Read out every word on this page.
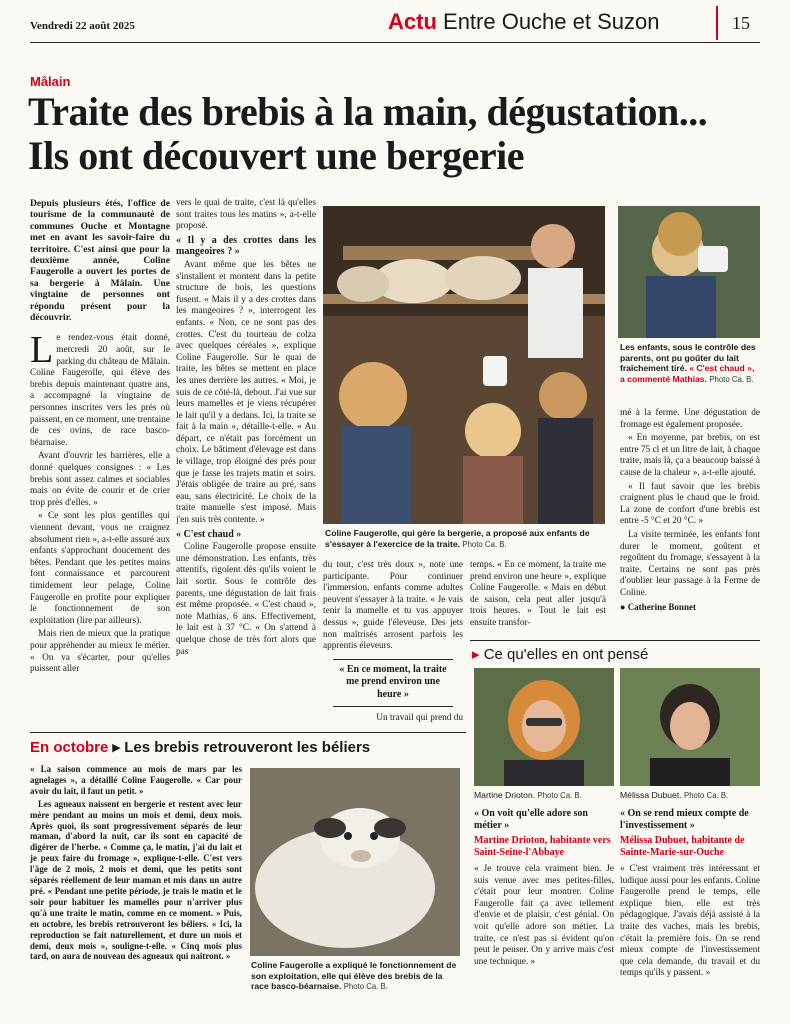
Vendredi 22 août 2025	Actu Entre Ouche et Suzon	15
Mâlain
Traite des brebis à la main, dégustation...
Ils ont découvert une bergerie
Depuis plusieurs étés, l'office de tourisme de la communauté de communes Ouche et Montagne met en avant les savoir-faire du territoire. C'est ainsi que pour la deuxième année, Coline Faugerolle a ouvert les portes de sa bergerie à Mâlain. Une vingtaine de personnes ont répondu présent pour la découvrir.

Le rendez-vous était donné, mercredi 20 août, sur le parking du château de Mâlain. Coline Faugerolle, qui élève des brebis depuis maintenant quatre ans, a accompagné la vingtaine de personnes inscrites vers les prés où paissent, en ce moment, une trentaine de ces ovins, de race basco-béarnaise.

Avant d'ouvrir les barrières, elle a donné quelques consignes : « Les brebis sont assez calmes et sociables mais on évite de courir et de crier trop près d'elles. »

« Ce sont les plus gentilles qui viennent devant, vous ne craignez absolument rien », a-t-elle assuré aux enfants s'approchant doucement des bêtes. Pendant que les petites mains font connaissance et parcourent timidement leur pelage, Coline Faugerolle en profite pour expliquer le fonctionnement de son exploitation (lire par ailleurs).

Mais rien de mieux que la pratique pour appréhender au mieux le métier. « On va s'écarter, pour qu'elles puissent aller

vers le quai de traite, c'est là qu'elles sont traites tous les matins », a-t-elle proposé.

« Il y a des crottes dans les mangeoires ? »

Avant même que les bêtes ne s'installent et montent dans la petite structure de bois, les questions fusent. « Mais il y a des crottes dans les mangeoires ? », interrogent les enfants. « Non, ce ne sont pas des crottes. C'est du tourteau de colza avec quelques céréales », explique Coline Faugerolle. Sur le quai de traite, les bêtes se mettent en place les unes derrière les autres. « Moi, je suis de ce côté-là, debout. J'ai vue sur leurs mamelles et je viens récupérer le lait qu'il y a dedans. Ici, la traite se fait à la main », détaille-t-elle. « Au départ, ce n'était pas forcément un choix. Le bâtiment d'élevage est dans le village, trop éloigné des prés pour que je fasse les trajets matin et soirs. J'étais obligée de traire au pré, sans eau, sans électricité. Le choix de la traite manuelle s'est imposé. Mais j'en suis très contente. »

« C'est chaud »

Coline Faugerolle propose ensuite une démonstration. Les enfants, très attentifs, rigolent dès qu'ils voient le lait sortir. Sous le contrôle des parents, une dégustation de lait frais est même proposée. « C'est chaud », note Mathias, 6 ans. Effectivement, le lait est à 37 °C. « On s'attend à quelque chose de très fort alors que pas

Coline Faugerolle, qui gère la bergerie, a proposé aux enfants de s'essayer à l'exercice de la traite. Photo Ca. B.

du tout, c'est très doux », note une participante. Pour continuer l'immersion, enfants comme adultes peuvent s'essayer à la traite. « Je vais tenir la mamelle et tu vas appuyer dessus », guide l'éleveuse. Des jets non maîtrisés arrosent parfois les apprentis éleveurs.

« En ce moment, la traite me prend environ une heure »

Un travail qui prend du

temps. « En ce moment, la traite me prend environ une heure », explique Coline Faugerolle. « Mais en début de saison, cela peut aller jusqu'à trois heures. » Tout le lait est ensuite transfor-

Les enfants, sous le contrôle des parents, ont pu goûter du lait fraîchement tiré. « C'est chaud », a commenté Mathias. Photo Ca. B.

mé à la ferme. Une dégustation de fromage est également proposée.

« En moyenne, par brebis, on est entre 75 cl et un litre de lait, à chaque traite, mais là, ça a beaucoup baissé à cause de la chaleur », a-t-elle ajouté.

« Il faut savoir que les brebis craignent plus le chaud que le froid. La zone de confort d'une brebis est entre -5 °C et 20 °C. »

La visite terminée, les enfants font durer le moment, goûtent et regoûtent du fromage, s'essayent à la traite. Certains ne sont pas près d'oublier leur passage à la Ferme de Coline.

● Catherine Bonnet
En octobre ▸ Les brebis retrouveront les béliers

« La saison commence au mois de mars par les agnelages », a détaillé Coline Faugerolle. « Car pour avoir du lait, il faut un petit. »

Les agneaux naissent en bergerie et restent avec leur mère pendant au moins un mois et demi, deux mois. Après quoi, ils sont progressivement séparés de leur maman, d'abord la nuit, car ils sont en capacité de digérer de l'herbe. « Comme ça, le matin, j'ai du lait et je peux faire du fromage », explique-t-elle. C'est vers l'âge de 2 mois, 2 mois et demi, que les petits sont séparés réellement de leur maman et mis dans un autre pré. « Pendant une petite période, je trais le matin et le soir pour habituer les mamelles pour n'arriver plus qu'à une traite le matin, comme en ce moment. » Puis, en octobre, les brebis retrouveront les béliers. « Ici, la reproduction se fait naturellement, et dure un mois et demi, deux mois », souligne-t-elle. « Cinq mois plus tard, on aura de nouveau des agneaux qui naitront. »

Coline Faugerolle a expliqué le fonctionnement de son exploitation, elle qui élève des brebis de la race basco-béarnaise. Photo Ca. B.
▸ Ce qu'elles en ont pensé
Martine Drioton. Photo Ca. B.	Mélissa Dubuet. Photo Ca. B.
« On voit qu'elle adore son métier »
Martine Drioton, habitante vers Saint-Seine-l'Abbaye
« Je trouve cela vraiment bien. Je suis venue avec mes petites-filles, c'était pour leur montrer. Coline Faugerolle fait ça avec tellement d'envie et de plaisir, c'est génial. On voit qu'elle adore son métier. La traite, ce n'est pas si évident qu'on peut le penser. On y arrive mais c'est une technique. »
« On se rend mieux compte de l'investissement »
Mélissa Dubuet, habitante de Sainte-Marie-sur-Ouche
« C'est vraiment très intéressant et ludique aussi pour les enfants. Coline Faugerolle prend le temps, elle explique bien, elle est très pédagogique. J'avais déjà assisté à la traite des vaches, mais les brebis, c'était la première fois. On se rend mieux compte de l'investissement que cela demande, du travail et du temps qu'ils y passent. »
